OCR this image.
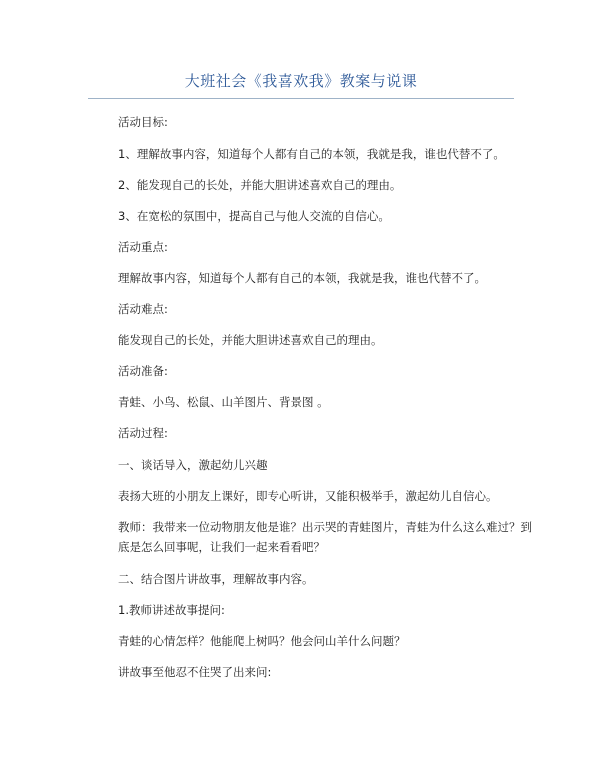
大班社会《我喜欢我》教案与说课
活动目标:
1、理解故事内容，知道每个人都有自己的本领，我就是我，谁也代替不了。
2、能发现自己的长处，并能大胆讲述喜欢自己的理由。
3、在宽松的氛围中，提高自己与他人交流的自信心。
活动重点:
理解故事内容，知道每个人都有自己的本领，我就是我，谁也代替不了。
活动难点:
能发现自己的长处，并能大胆讲述喜欢自己的理由。
活动准备:
青蛙、小鸟、松鼠、山羊图片、背景图 。
活动过程:
一、谈话导入，激起幼儿兴趣
表扬大班的小朋友上课好，即专心听讲，又能积极举手，激起幼儿自信心。
教师：我带来一位动物朋友他是谁？出示哭的青蛙图片，青蛙为什么这么难过？到
底是怎么回事呢，让我们一起来看看吧？
二、结合图片讲故事，理解故事内容。
1.教师讲述故事提问:
青蛙的心情怎样？他能爬上树吗？他会问山羊什么问题？
讲故事至他忍不住哭了出来问:
